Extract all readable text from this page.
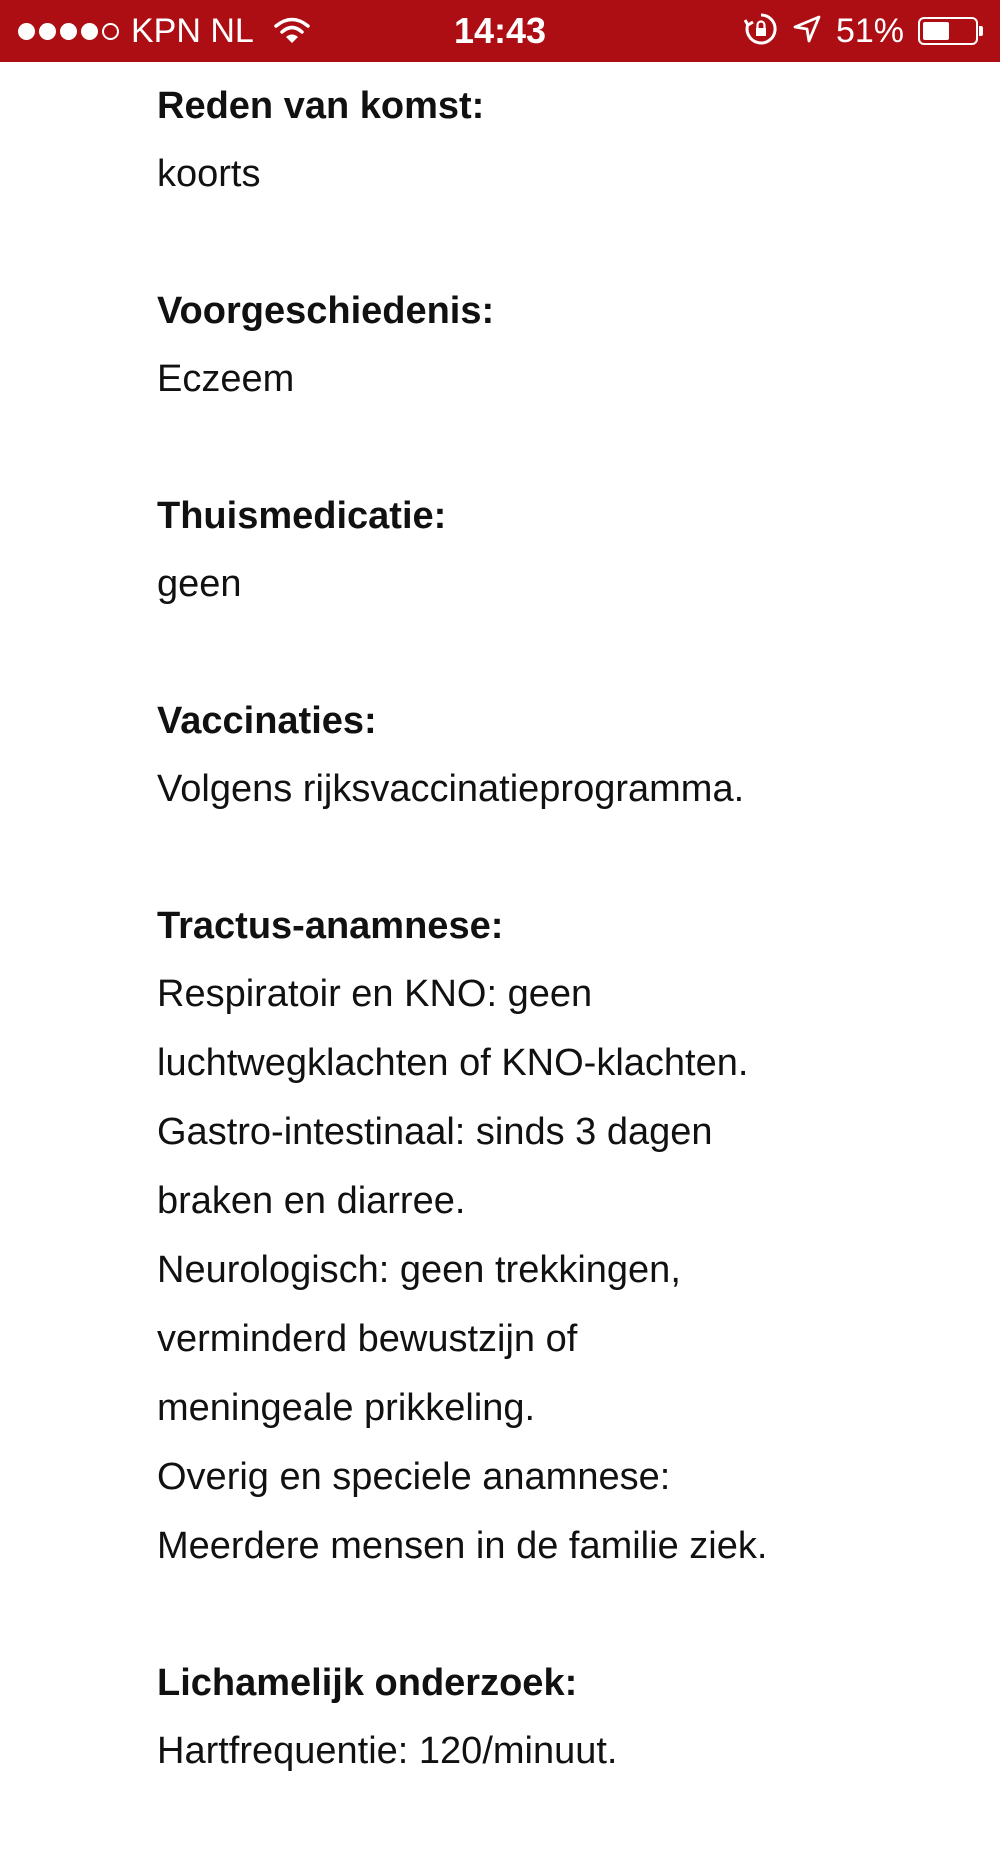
KPN NL	14:43	51%

Reden van komst:

koorts

Voorgeschiedenis:

Eczeem

Thuismedicatie:

geen

Vaccinaties:

Volgens rijksvaccinatieprogramma.

Tractus-anamnese:

Respiratoir en KNO: geen

luchtwegklachten of KNO-klachten.

Gastro-intestinaal: sinds 3 dagen

braken en diarree.

Neurologisch: geen trekkingen,

verminderd bewustzijn of

meningeale prikkeling.

Overig en speciele anamnese:

Meerdere mensen in de familie ziek.

Lichamelijk onderzoek:

Hartfrequentie: 120/minuut.
